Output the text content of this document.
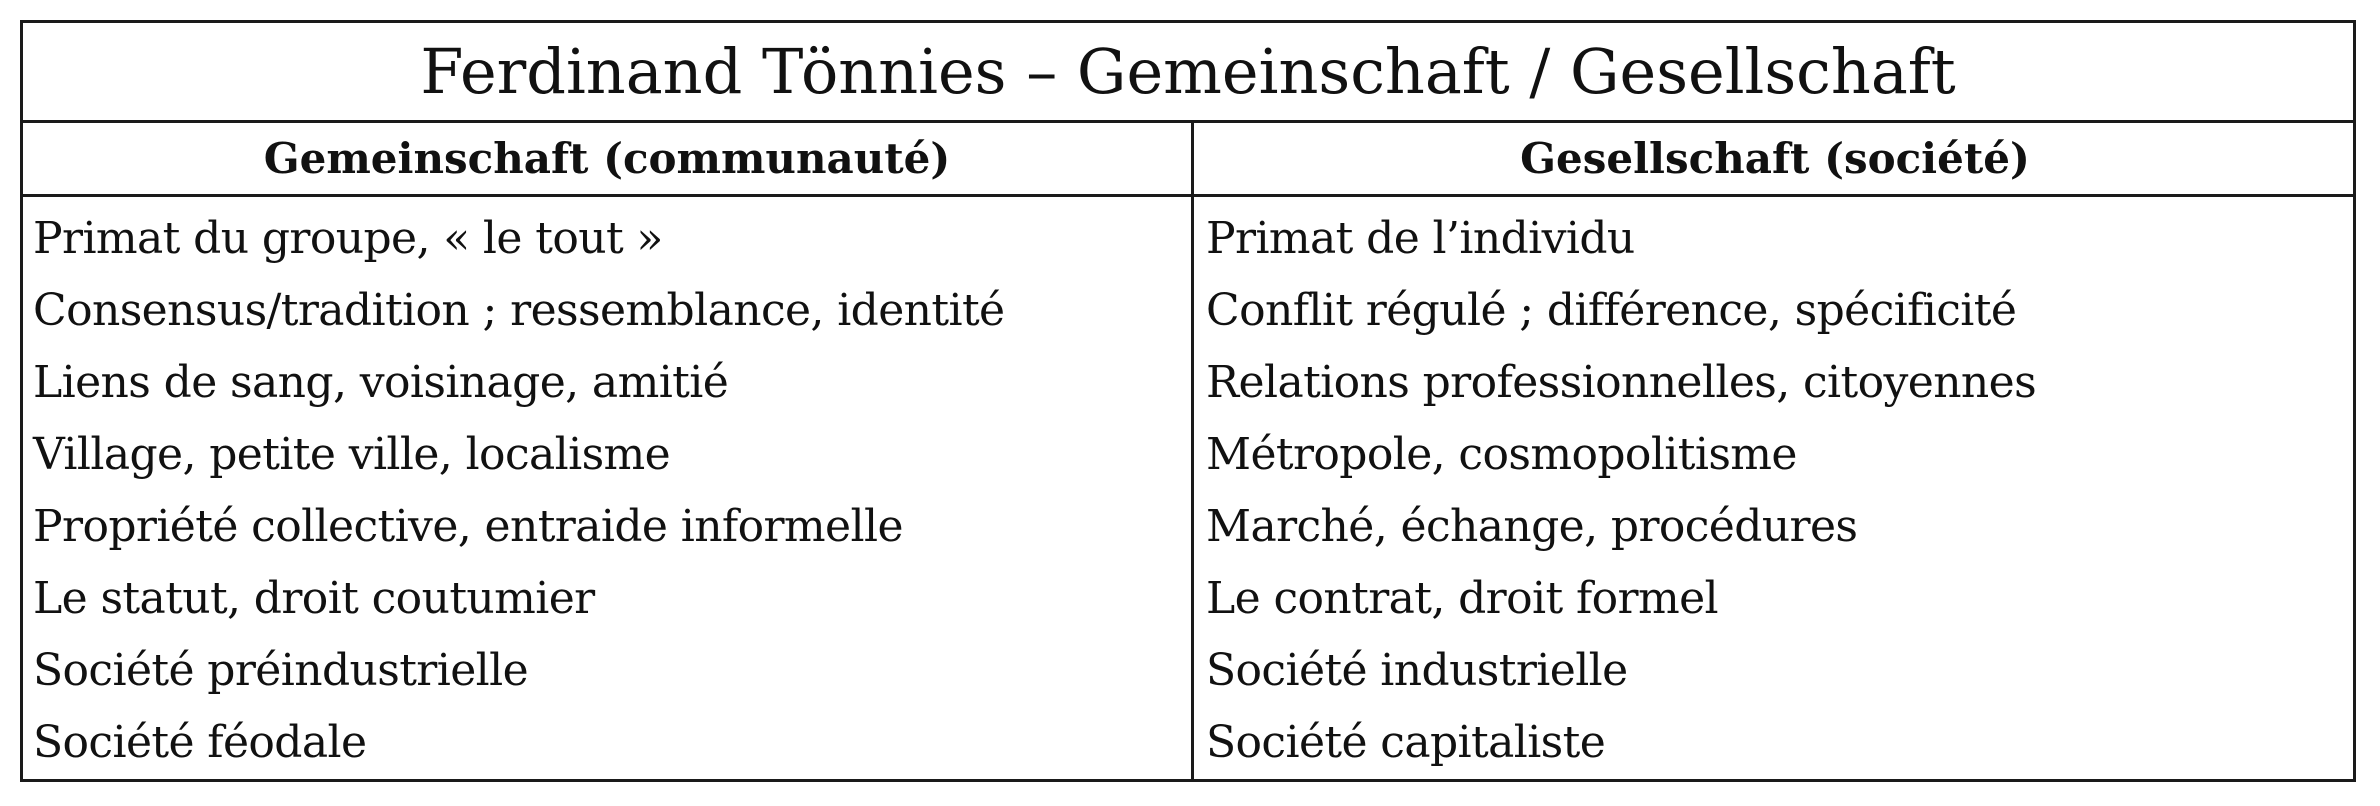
Ferdinand Tönnies – Gemeinschaft / Gesellschaft
Gemeinschaft (communauté)	Gesellschaft (société)
Primat du groupe, « le tout »
Consensus/tradition ; ressemblance, identité
Liens de sang, voisinage, amitié
Village, petite ville, localisme
Propriété collective, entraide informelle
Le statut, droit coutumier
Société préindustrielle
Société féodale
Primat de l’individu
Conflit régulé ; différence, spécificité
Relations professionnelles, citoyennes
Métropole, cosmopolitisme
Marché, échange, procédures
Le contrat, droit formel
Société industrielle
Société capitaliste
